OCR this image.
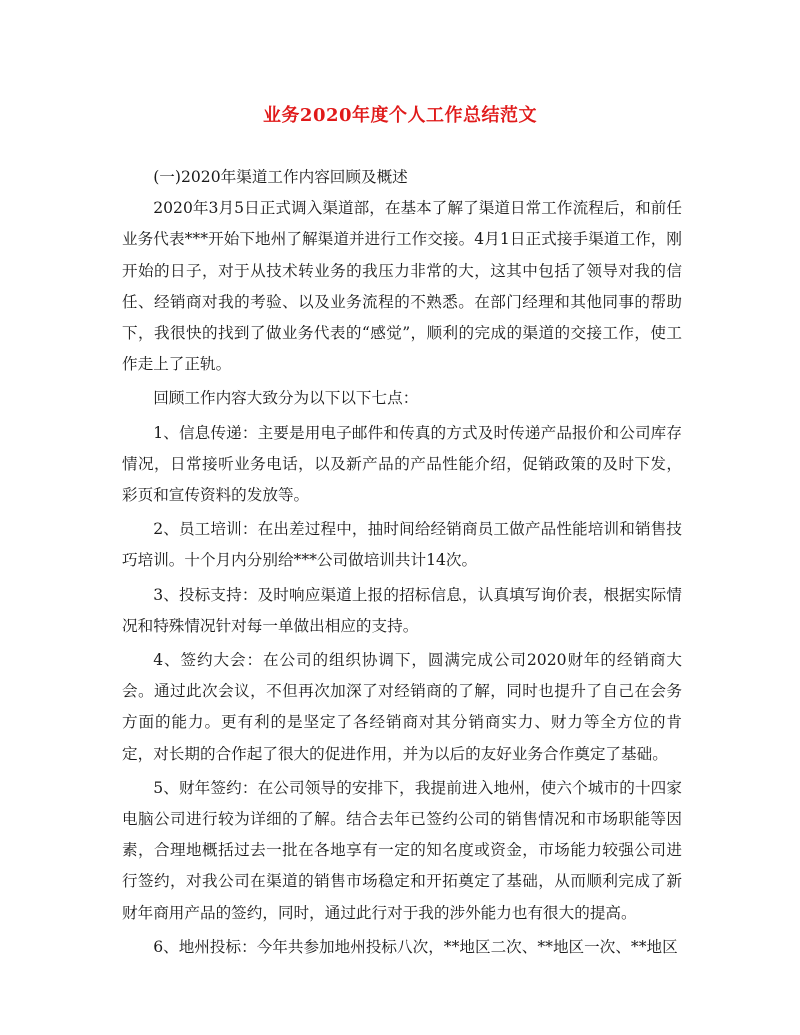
业务2020年度个人工作总结范文

(一)2020年渠道工作内容回顾及概述

2020年3月5日正式调入渠道部，在基本了解了渠道日常工作流程后，和前任业务代表***开始下地州了解渠道并进行工作交接。4月1日正式接手渠道工作，刚开始的日子，对于从技术转业务的我压力非常的大，这其中包括了领导对我的信任、经销商对我的考验、以及业务流程的不熟悉。在部门经理和其他同事的帮助下，我很快的找到了做业务代表的“感觉”，顺利的完成的渠道的交接工作，使工作走上了正轨。

回顾工作内容大致分为以下以下七点：

1、信息传递：主要是用电子邮件和传真的方式及时传递产品报价和公司库存情况，日常接听业务电话，以及新产品的产品性能介绍，促销政策的及时下发，彩页和宣传资料的发放等。

2、员工培训：在出差过程中，抽时间给经销商员工做产品性能培训和销售技巧培训。十个月内分别给***公司做培训共计14次。

3、投标支持：及时响应渠道上报的招标信息，认真填写询价表，根据实际情况和特殊情况针对每一单做出相应的支持。

4、签约大会：在公司的组织协调下，圆满完成公司2020财年的经销商大会。通过此次会议，不但再次加深了对经销商的了解，同时也提升了自己在会务方面的能力。更有利的是坚定了各经销商对其分销商实力、财力等全方位的肯定，对长期的合作起了很大的促进作用，并为以后的友好业务合作奠定了基础。

5、财年签约：在公司领导的安排下，我提前进入地州，使六个城市的十四家电脑公司进行较为详细的了解。结合去年已签约公司的销售情况和市场职能等因素，合理地概括过去一批在各地享有一定的知名度或资金，市场能力较强公司进行签约，对我公司在渠道的销售市场稳定和开拓奠定了基础，从而顺利完成了新财年商用产品的签约，同时，通过此行对于我的涉外能力也有很大的提高。

6、地州投标：今年共参加地州投标八次，**地区二次、**地区一次、**地区
